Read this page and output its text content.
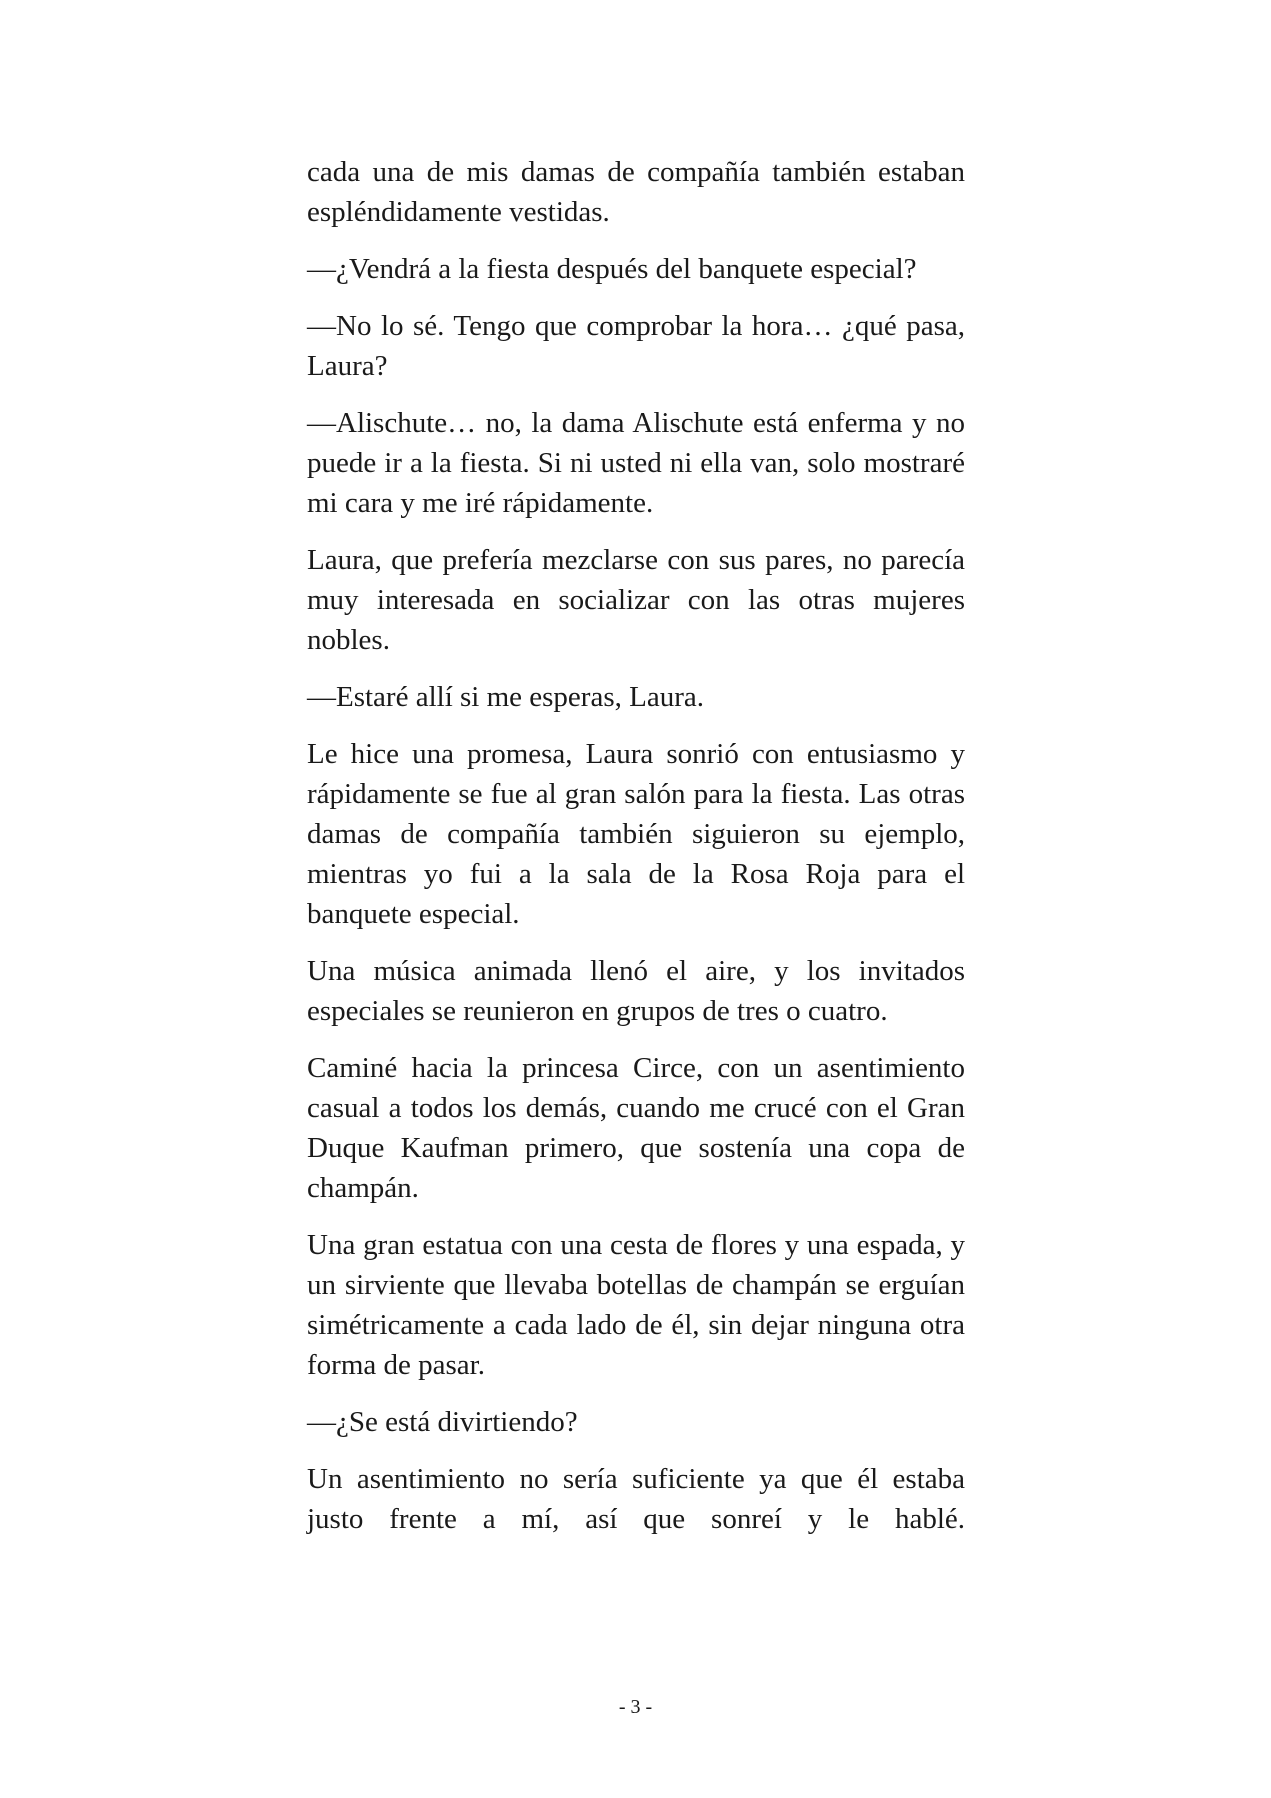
cada una de mis damas de compañía también estaban espléndidamente vestidas.

—¿Vendrá a la fiesta después del banquete especial?

—No lo sé. Tengo que comprobar la hora… ¿qué pasa, Laura?

—Alischute… no, la dama Alischute está enferma y no puede ir a la fiesta. Si ni usted ni ella van, solo mostraré mi cara y me iré rápidamente.

Laura, que prefería mezclarse con sus pares, no parecía muy interesada en socializar con las otras mujeres nobles.

—Estaré allí si me esperas, Laura.

Le hice una promesa, Laura sonrió con entusiasmo y rápidamente se fue al gran salón para la fiesta. Las otras damas de compañía también siguieron su ejemplo, mientras yo fui a la sala de la Rosa Roja para el banquete especial.

Una música animada llenó el aire, y los invitados especiales se reunieron en grupos de tres o cuatro.

Caminé hacia la princesa Circe, con un asentimiento casual a todos los demás, cuando me crucé con el Gran Duque Kaufman primero, que sostenía una copa de champán.

Una gran estatua con una cesta de flores y una espada, y un sirviente que llevaba botellas de champán se erguían simétricamente a cada lado de él, sin dejar ninguna otra forma de pasar.

—¿Se está divirtiendo?

Un asentimiento no sería suficiente ya que él estaba justo frente a mí, así que sonreí y le hablé.

- 3 -
